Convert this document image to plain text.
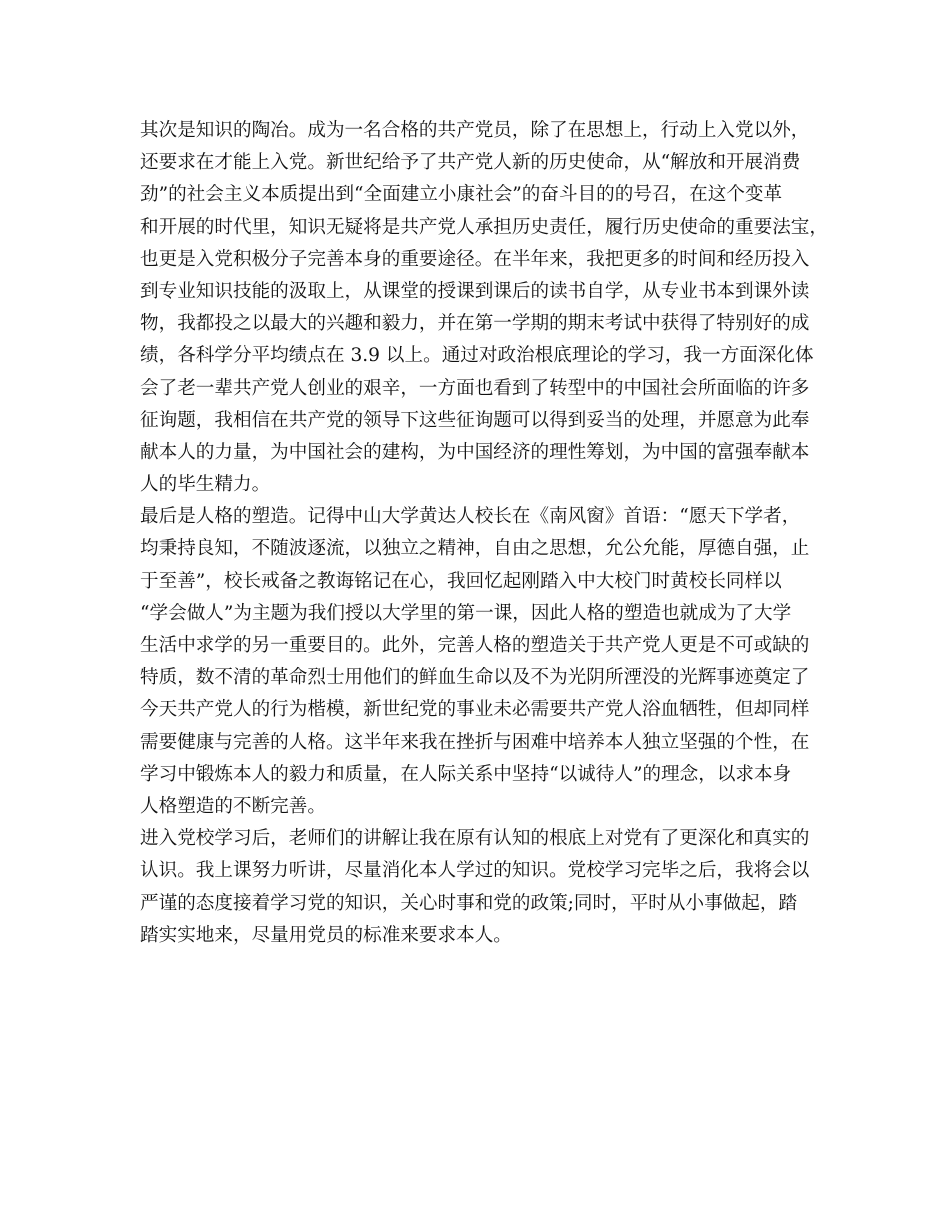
其次是知识的陶冶。成为一名合格的共产党员，除了在思想上，行动上入党以外，
还要求在才能上入党。新世纪给予了共产党人新的历史使命，从“解放和开展消费
劲”的社会主义本质提出到“全面建立小康社会”的奋斗目的的号召，在这个变革
和开展的时代里，知识无疑将是共产党人承担历史责任，履行历史使命的重要法宝，
也更是入党积极分子完善本身的重要途径。在半年来，我把更多的时间和经历投入
到专业知识技能的汲取上，从课堂的授课到课后的读书自学，从专业书本到课外读
物，我都投之以最大的兴趣和毅力，并在第一学期的期末考试中获得了特别好的成
绩，各科学分平均绩点在 3.9 以上。通过对政治根底理论的学习，我一方面深化体
会了老一辈共产党人创业的艰辛，一方面也看到了转型中的中国社会所面临的许多
征询题，我相信在共产党的领导下这些征询题可以得到妥当的处理，并愿意为此奉
献本人的力量，为中国社会的建构，为中国经济的理性筹划，为中国的富强奉献本
人的毕生精力。
最后是人格的塑造。记得中山大学黄达人校长在《南风窗》首语：“愿天下学者，
均秉持良知，不随波逐流，以独立之精神，自由之思想，允公允能，厚德自强，止
于至善”，校长戒备之教诲铭记在心，我回忆起刚踏入中大校门时黄校长同样以
“学会做人”为主题为我们授以大学里的第一课，因此人格的塑造也就成为了大学
生活中求学的另一重要目的。此外，完善人格的塑造关于共产党人更是不可或缺的
特质，数不清的革命烈士用他们的鲜血生命以及不为光阴所湮没的光辉事迹奠定了
今天共产党人的行为楷模，新世纪党的事业未必需要共产党人浴血牺牲，但却同样
需要健康与完善的人格。这半年来我在挫折与困难中培养本人独立坚强的个性，在
学习中锻炼本人的毅力和质量，在人际关系中坚持“以诚待人”的理念，以求本身
人格塑造的不断完善。
进入党校学习后，老师们的讲解让我在原有认知的根底上对党有了更深化和真实的
认识。我上课努力听讲，尽量消化本人学过的知识。党校学习完毕之后，我将会以
严谨的态度接着学习党的知识，关心时事和党的政策;同时，平时从小事做起，踏
踏实实地来，尽量用党员的标准来要求本人。
